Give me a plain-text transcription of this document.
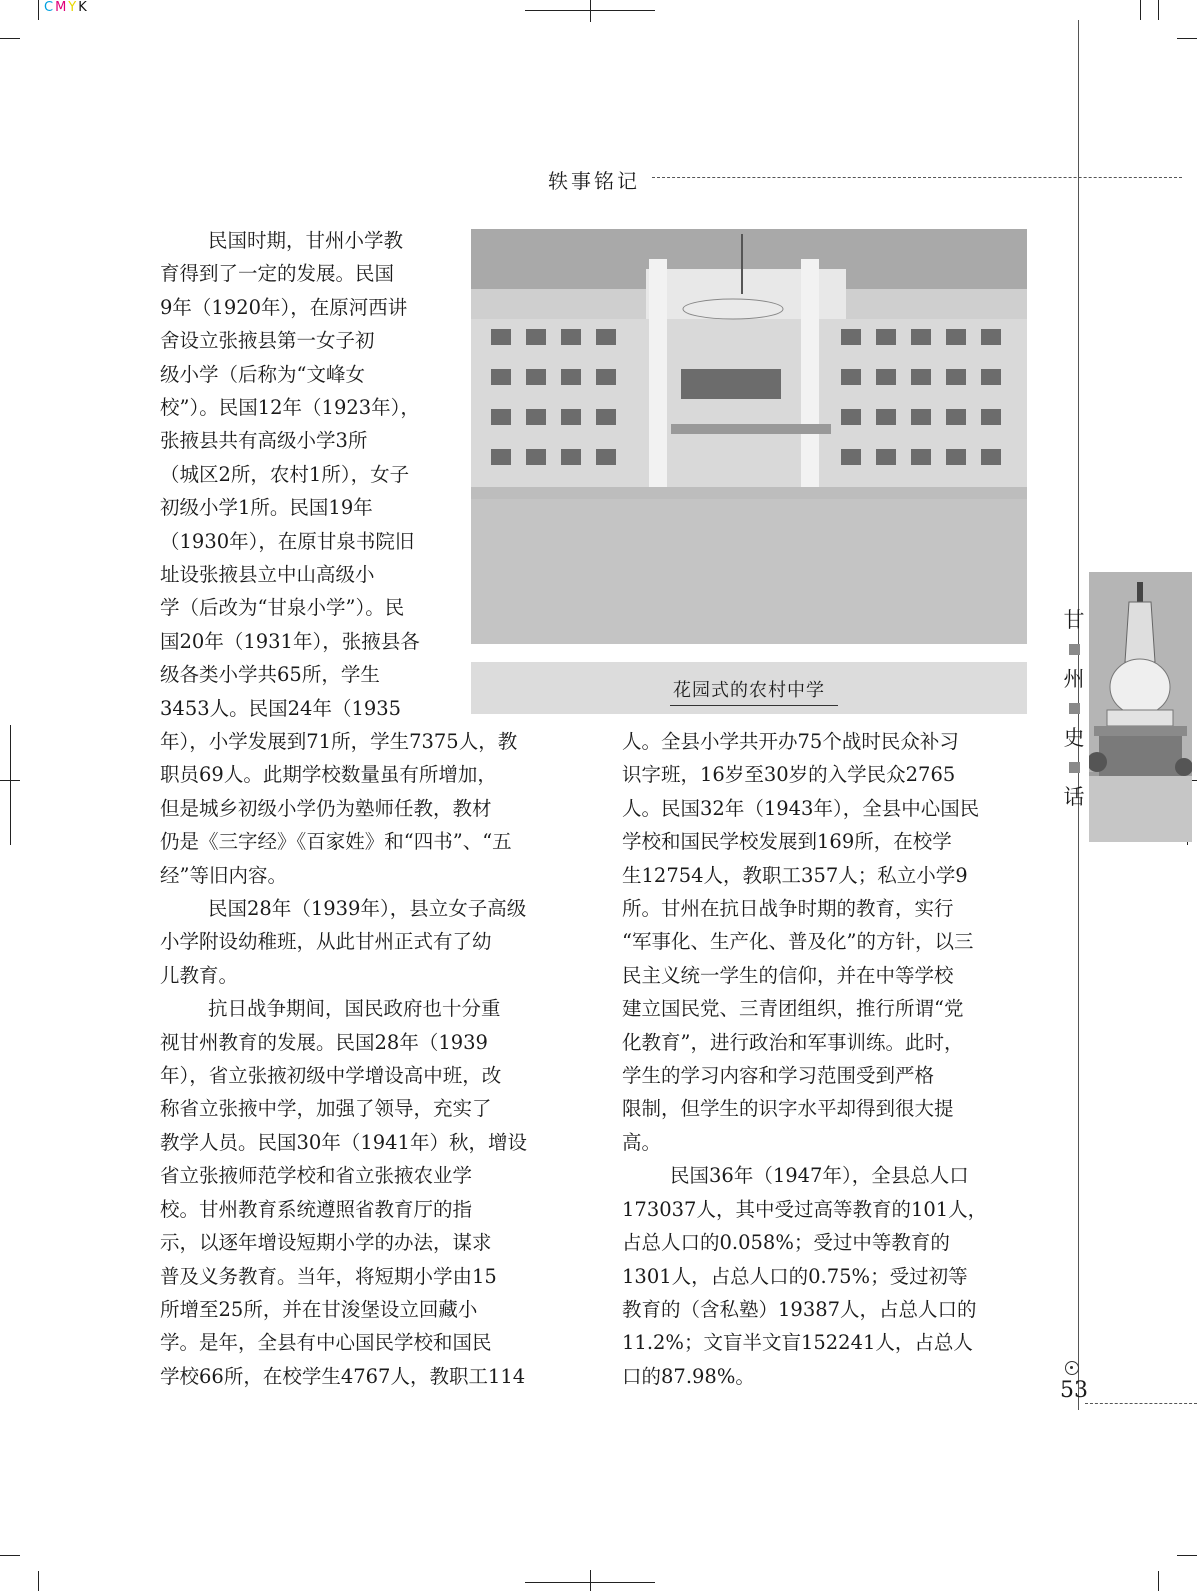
CMYK
轶事铭记
花园式的农村中学
民国时期，甘州小学教
育得到了一定的发展。民国
9年（1920年），在原河西讲
舍设立张掖县第一女子初
级小学（后称为“文峰女
校”）。民国12年（1923年），
张掖县共有高级小学3所
（城区2所，农村1所），女子
初级小学1所。民国19年
（1930年），在原甘泉书院旧
址设张掖县立中山高级小
学（后改为“甘泉小学”）。民
国20年（1931年），张掖县各
级各类小学共65所，学生
3453人。民国24年（1935
年），小学发展到71所，学生7375人，教
职员69人。此期学校数量虽有所增加，
但是城乡初级小学仍为塾师任教，教材
仍是《三字经》《百家姓》和“四书”、“五
经”等旧内容。
民国28年（1939年），县立女子高级
小学附设幼稚班，从此甘州正式有了幼
儿教育。
抗日战争期间，国民政府也十分重
视甘州教育的发展。民国28年（1939
年），省立张掖初级中学增设高中班，改
称省立张掖中学，加强了领导，充实了
教学人员。民国30年（1941年）秋，增设
省立张掖师范学校和省立张掖农业学
校。甘州教育系统遵照省教育厅的指
示，以逐年增设短期小学的办法，谋求
普及义务教育。当年，将短期小学由15
所增至25所，并在甘浚堡设立回藏小
学。是年，全县有中心国民学校和国民
学校66所，在校学生4767人，教职工114
人。全县小学共开办75个战时民众补习
识字班，16岁至30岁的入学民众2765
人。民国32年（1943年），全县中心国民
学校和国民学校发展到169所，在校学
生12754人，教职工357人；私立小学9
所。甘州在抗日战争时期的教育，实行
“军事化、生产化、普及化”的方针，以三
民主义统一学生的信仰，并在中等学校
建立国民党、三青团组织，推行所谓“党
化教育”，进行政治和军事训练。此时，
学生的学习内容和学习范围受到严格
限制，但学生的识字水平却得到很大提
高。
民国36年（1947年），全县总人口
173037人，其中受过高等教育的101人，
占总人口的0.058%；受过中等教育的
1301人，占总人口的0.75%；受过初等
教育的（含私塾）19387人，占总人口的
11.2%；文盲半文盲152241人，占总人
口的87.98%。
甘
州
史
话
53
